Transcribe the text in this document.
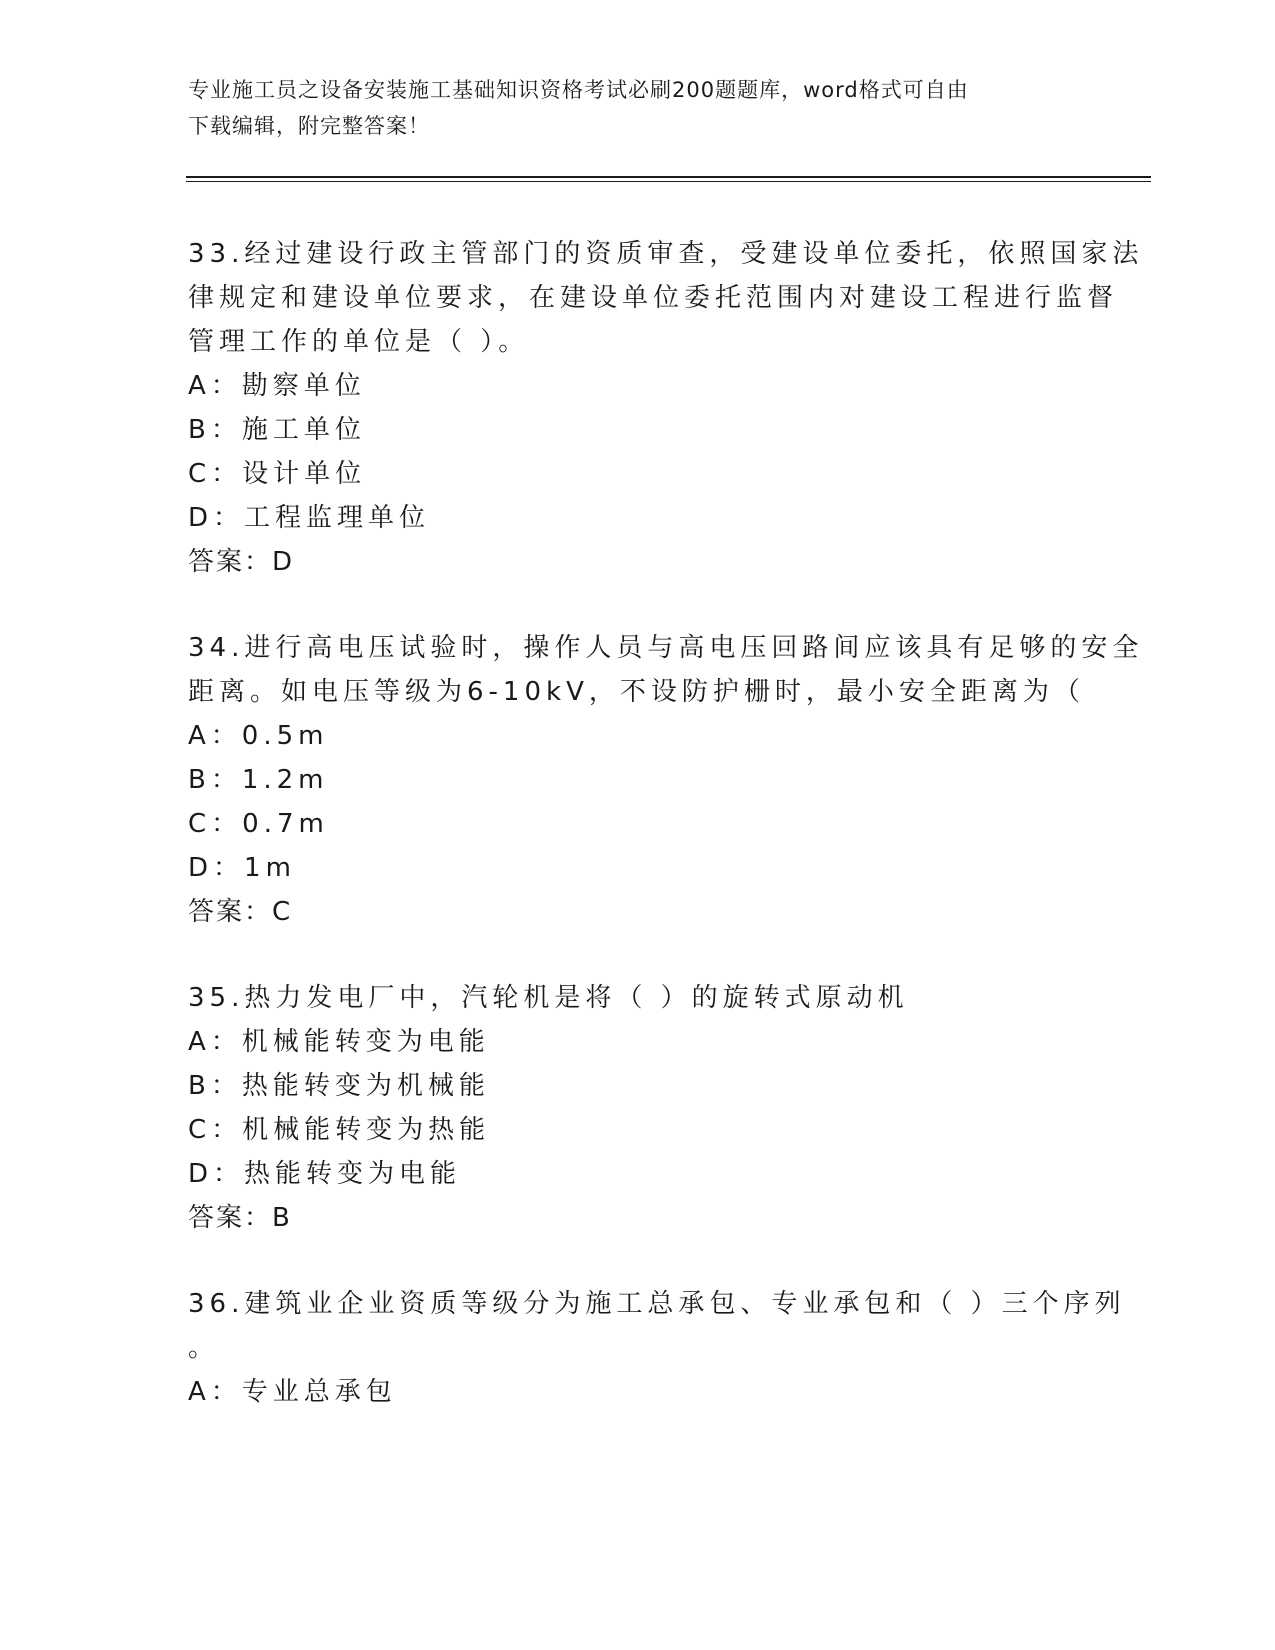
专业施工员之设备安装施工基础知识资格考试必刷200题题库，word格式可自由

下载编辑，附完整答案！

33.经过建设行政主管部门的资质审查，受建设单位委托，依照国家法
律规定和建设单位要求，在建设单位委托范围内对建设工程进行监督
管理工作的单位是（ ）。
A：勘察单位
B：施工单位
C：设计单位
D：工程监理单位
答案：D
34.进行高电压试验时，操作人员与高电压回路间应该具有足够的安全
距离。如电压等级为6-10kV，不设防护栅时，最小安全距离为（
A：0.5m
B：1.2m
C：0.7m
D：1m
答案：C
35.热力发电厂中，汽轮机是将（ ）的旋转式原动机
A：机械能转变为电能
B：热能转变为机械能
C：机械能转变为热能
D：热能转变为电能
答案：B
36.建筑业企业资质等级分为施工总承包、专业承包和（ ）三个序列
。
A：专业总承包
